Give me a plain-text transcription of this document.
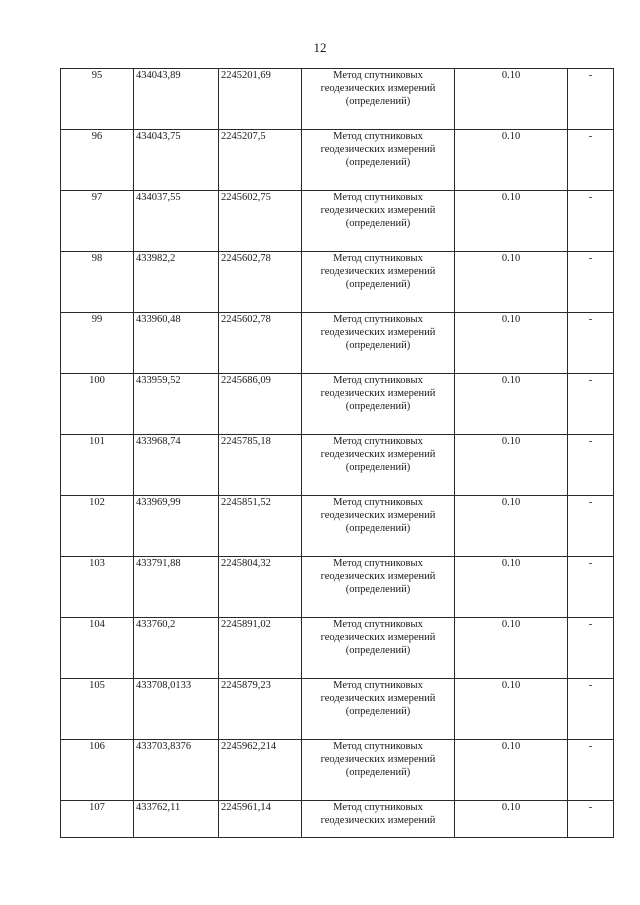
12
95	434043,89	2245201,69	Метод спутниковых геодезических измерений (определений)	0.10	-
96	434043,75	2245207,5	Метод спутниковых геодезических измерений (определений)	0.10	-
97	434037,55	2245602,75	Метод спутниковых геодезических измерений (определений)	0.10	-
98	433982,2	2245602,78	Метод спутниковых геодезических измерений (определений)	0.10	-
99	433960,48	2245602,78	Метод спутниковых геодезических измерений (определений)	0.10	-
100	433959,52	2245686,09	Метод спутниковых геодезических измерений (определений)	0.10	-
101	433968,74	2245785,18	Метод спутниковых геодезических измерений (определений)	0.10	-
102	433969,99	2245851,52	Метод спутниковых геодезических измерений (определений)	0.10	-
103	433791,88	2245804,32	Метод спутниковых геодезических измерений (определений)	0.10	-
104	433760,2	2245891,02	Метод спутниковых геодезических измерений (определений)	0.10	-
105	433708,0133	2245879,23	Метод спутниковых геодезических измерений (определений)	0.10	-
106	433703,8376	2245962,214	Метод спутниковых геодезических измерений (определений)	0.10	-
107	433762,11	2245961,14	Метод спутниковых геодезических измерений	0.10	-
